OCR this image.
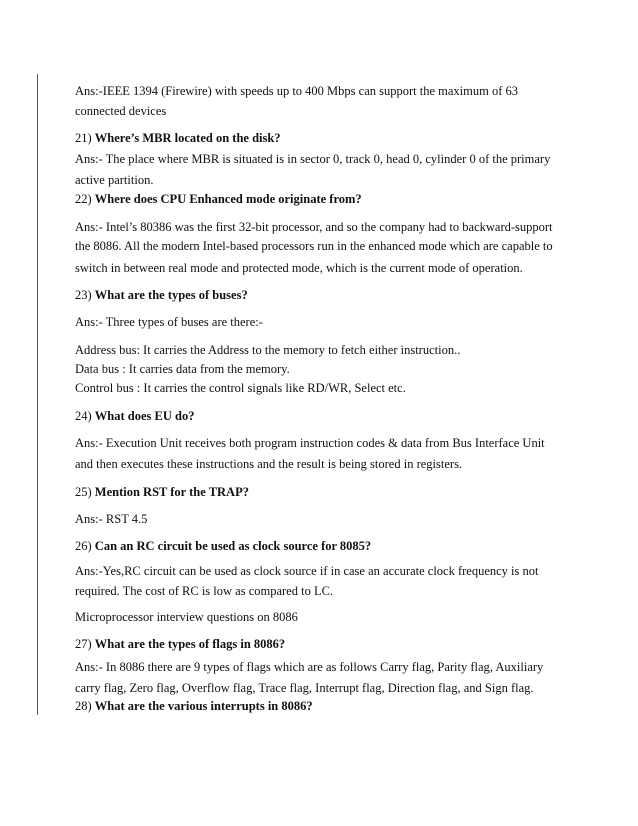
Ans:-IEEE 1394 (Firewire) with speeds up to 400 Mbps can support the maximum of 63
connected devices
21) Where’s MBR located on the disk?
Ans:- The place where MBR is situated is in sector 0, track 0, head 0, cylinder 0 of the primary
active partition.
22) Where does CPU Enhanced mode originate from?
Ans:- Intel’s 80386 was the first 32-bit processor, and so the company had to backward-support
the 8086. All the modern Intel-based processors run in the enhanced mode which are capable to
switch in between real mode and protected mode, which is the current mode of operation.
23) What are the types of buses?
Ans:- Three types of buses are there:-
Address bus: It carries the Address to the memory to fetch either instruction..
Data bus : It carries data from the memory.
Control bus : It carries the control signals like RD/WR, Select etc.
24) What does EU do?
Ans:- Execution Unit receives both program instruction codes & data from Bus Interface Unit
and then executes these instructions and the result is being stored in registers.
25) Mention RST for the TRAP?
Ans:- RST 4.5
26) Can an RC circuit be used as clock source for 8085?
Ans:-Yes,RC circuit can be used as clock source if in case an accurate clock frequency is not
required. The cost of RC is low as compared to LC.
Microprocessor interview questions on 8086
27) What are the types of flags in 8086?
Ans:- In 8086 there are 9 types of flags which are as follows Carry flag, Parity flag, Auxiliary
carry flag, Zero flag, Overflow flag, Trace flag, Interrupt flag, Direction flag, and Sign flag.
28) What are the various interrupts in 8086?
